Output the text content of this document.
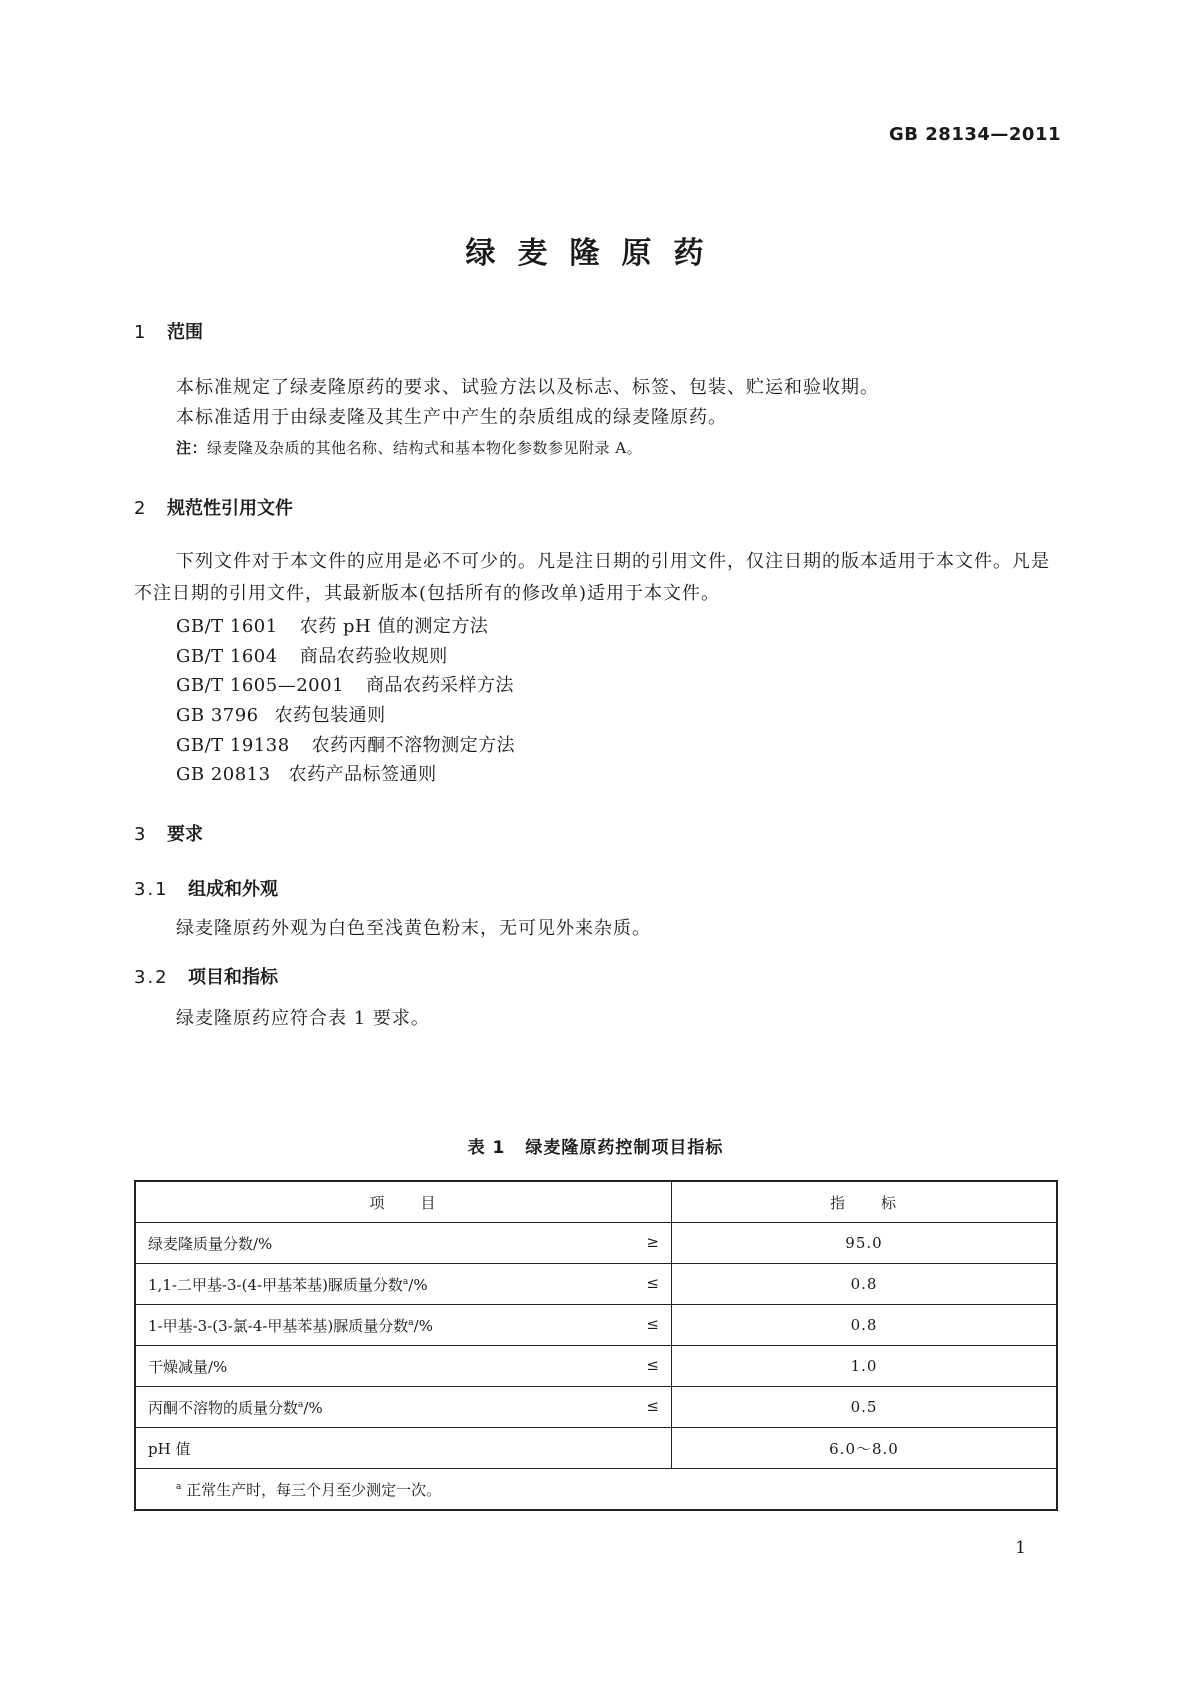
GB 28134—2011
绿麦隆原药
1 范围
本标准规定了绿麦隆原药的要求、试验方法以及标志、标签、包装、贮运和验收期。
本标准适用于由绿麦隆及其生产中产生的杂质组成的绿麦隆原药。
注：绿麦隆及杂质的其他名称、结构式和基本物化参数参见附录 A。
2 规范性引用文件
下列文件对于本文件的应用是必不可少的。凡是注日期的引用文件，仅注日期的版本适用于本文件。凡是不注日期的引用文件，其最新版本(包括所有的修改单)适用于本文件。
GB/T 1601 农药 pH 值的测定方法
GB/T 1604 商品农药验收规则
GB/T 1605—2001 商品农药采样方法
GB 3796 农药包装通则
GB/T 19138 农药丙酮不溶物测定方法
GB 20813 农药产品标签通则
3 要求
3.1 组成和外观
绿麦隆原药外观为白色至浅黄色粉末，无可见外来杂质。
3.2 项目和指标
绿麦隆原药应符合表 1 要求。
表 1 绿麦隆原药控制项目指标
项　　目	指　　标
绿麦隆质量分数/% ≥	95.0
1,1-二甲基-3-(4-甲基苯基)脲质量分数$^a$/% ≤	0.8
1-甲基-3-(3-氯-4-甲基苯基)脲质量分数$^a$/% ≤	0.8
干燥减量/% ≤	1.0
丙酮不溶物的质量分数$^a$/% ≤	0.5
pH 值	6.0～8.0
$^a$ 正常生产时，每三个月至少测定一次。	
1
